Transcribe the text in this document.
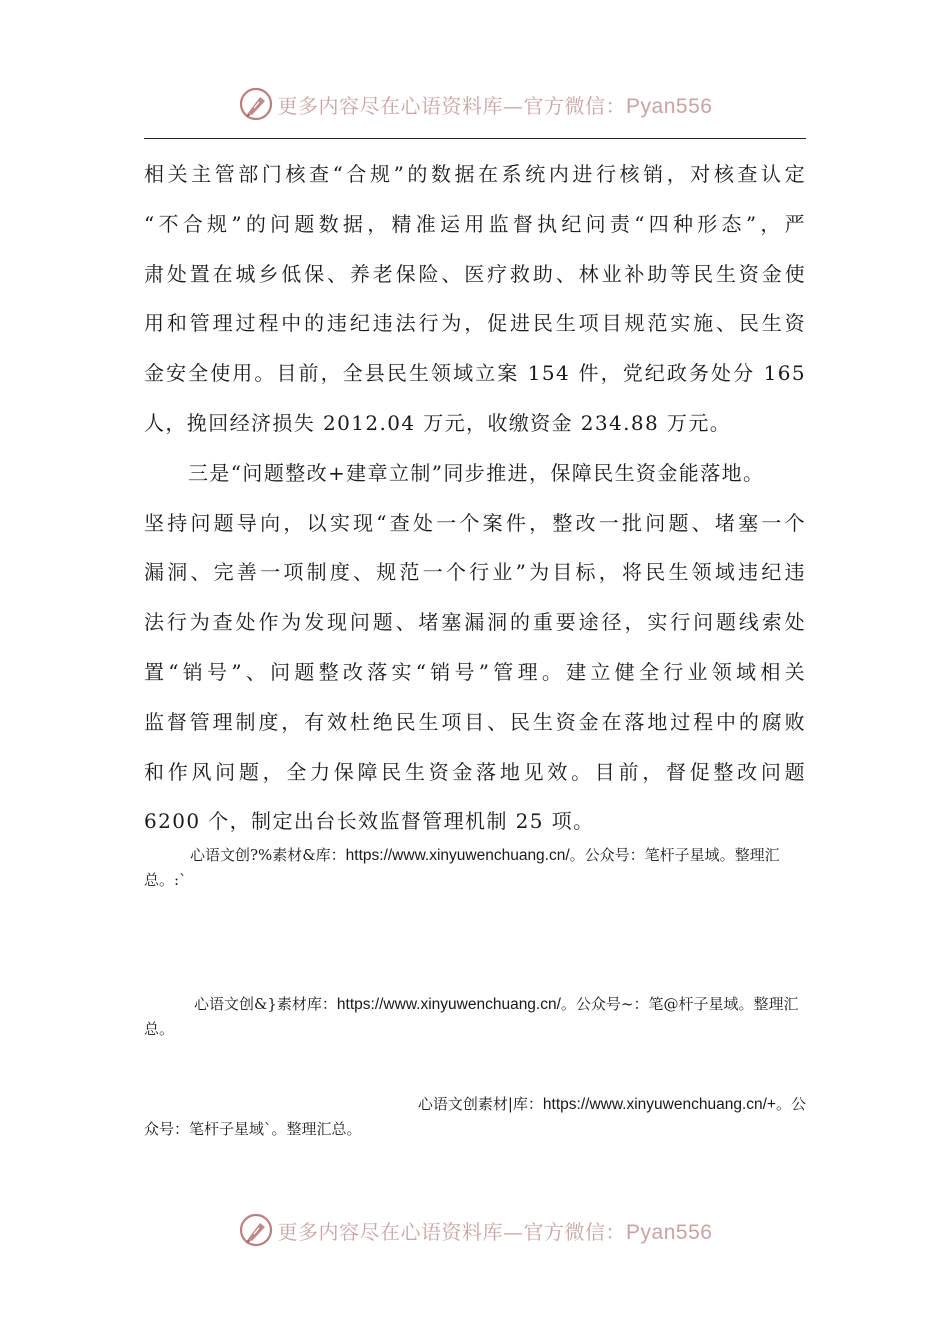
更多内容尽在心语资料库—官方微信：Pyan556

相关主管部门核查“合规”的数据在系统内进行核销，对核查认定

“不合规”的问题数据，精准运用监督执纪问责“四种形态”，严

肃处置在城乡低保、养老保险、医疗救助、林业补助等民生资金使

用和管理过程中的违纪违法行为，促进民生项目规范实施、民生资

金安全使用。目前，全县民生领域立案 154 件，党纪政务处分 165

人，挽回经济损失 2012.04 万元，收缴资金 234.88 万元。

三是“问题整改+建章立制”同步推进，保障民生资金能落地。

坚持问题导向，以实现“查处一个案件，整改一批问题、堵塞一个

漏洞、完善一项制度、规范一个行业”为目标，将民生领域违纪违

法行为查处作为发现问题、堵塞漏洞的重要途径，实行问题线索处

置“销号”、问题整改落实“销号”管理。建立健全行业领域相关

监督管理制度，有效杜绝民生项目、民生资金在落地过程中的腐败

和作风问题，全力保障民生资金落地见效。目前，督促整改问题

6200 个，制定出台长效监督管理机制 25 项。

心语文创?%素材&库：https://www.xinyuwenchuang.cn/。公众号：笔杆子星域。整理汇总。:`
心语文创&}素材库：https://www.xinyuwenchuang.cn/。公众号~：笔@杆子星域。整理汇总。
心语文创素材|库：https://www.xinyuwenchuang.cn/+。公
众号：笔杆子星域`。整理汇总。
更多内容尽在心语资料库—官方微信：Pyan556
